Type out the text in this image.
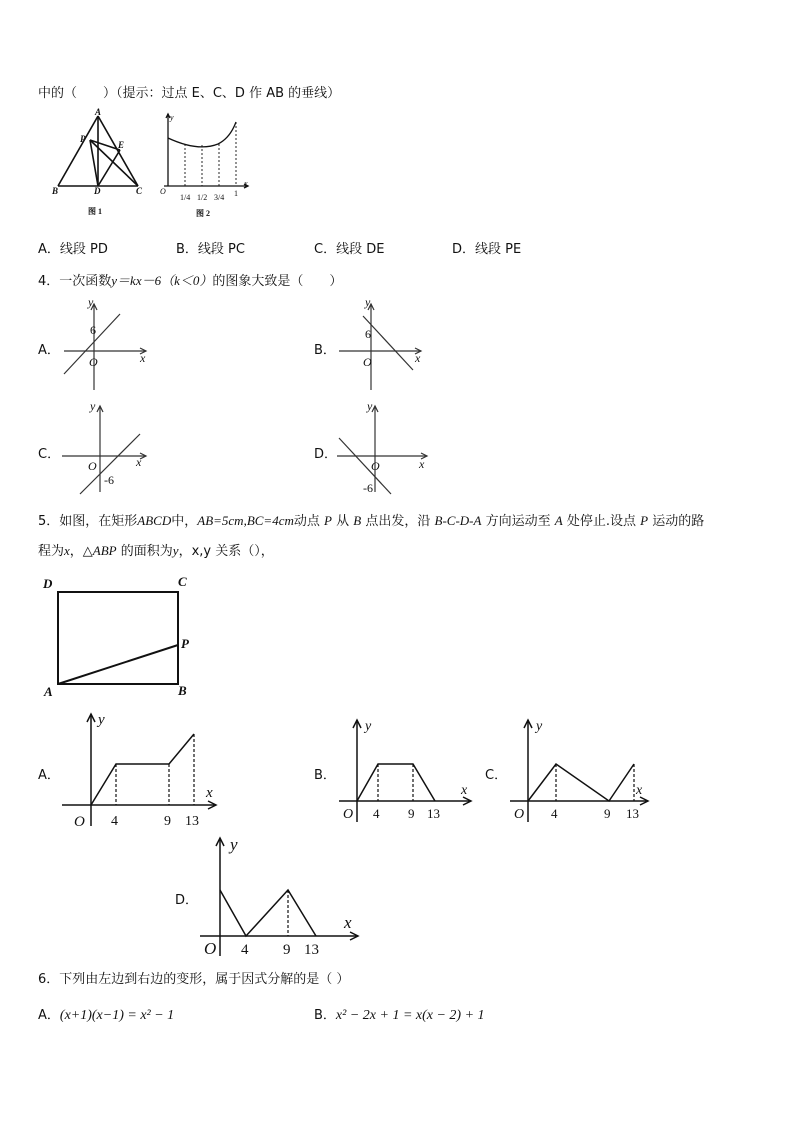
中的（　　）（提示：过点 E、C、D 作 AB 的垂线）
A
P
E
B	D	C
图 1
y
x
O
1/4 1/2 3/4 1
图 2
A．线段 PD	B．线段 PC	C．线段 DE	D．线段 PE
4．一次函数y＝kx－6（k＜0）的图象大致是（　　）
A．
y
x
O
6
B．
y
x
O
6
C．
y
x
O
-6
D．
y
x
O
-6
5．如图，在矩形ABCD中，AB=5cm,BC=4cm动点 P 从 B 点出发，沿 B-C-D-A 方向运动至 A 处停止.设点 P 运动的路
程为x，△ABP 的面积为y，x,y 关系（），
D	C
P
A	B
A．
y
x
O 4	9 13
B．
y
x
O 4 9 13
C．
y
x
O 4	9 13
D．
y
x
O 4 9 13
6．下列由左边到右边的变形，属于因式分解的是（ ）
A．(x+1)(x−1) = x² − 1	B．x² − 2x + 1 = x(x − 2) + 1
